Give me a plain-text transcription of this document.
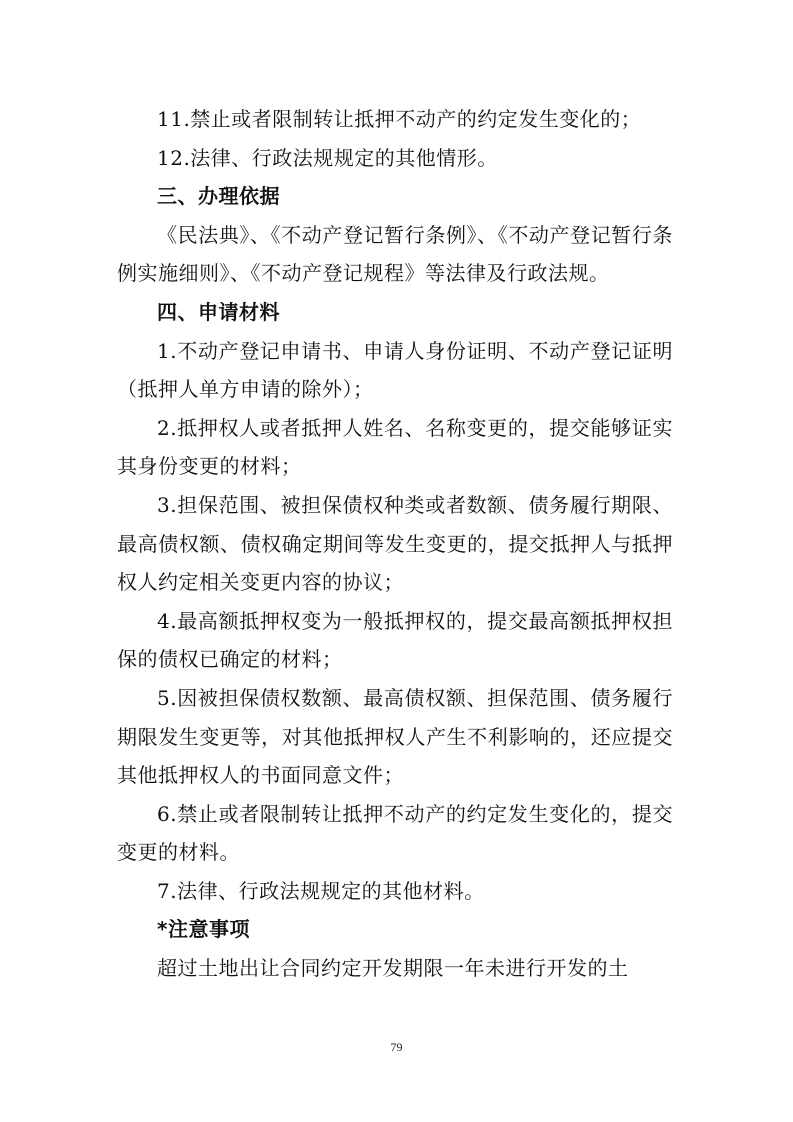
11.禁止或者限制转让抵押不动产的约定发生变化的；

12.法律、行政法规规定的其他情形。

三、办理依据

《民法典》、《不动产登记暂行条例》、《不动产登记暂行条例实施细则》、《不动产登记规程》等法律及行政法规。

四、申请材料

1.不动产登记申请书、申请人身份证明、不动产登记证明（抵押人单方申请的除外）；

2.抵押权人或者抵押人姓名、名称变更的，提交能够证实其身份变更的材料；

3.担保范围、被担保债权种类或者数额、债务履行期限、最高债权额、债权确定期间等发生变更的，提交抵押人与抵押权人约定相关变更内容的协议；

4.最高额抵押权变为一般抵押权的，提交最高额抵押权担保的债权已确定的材料；

5.因被担保债权数额、最高债权额、担保范围、债务履行期限发生变更等，对其他抵押权人产生不利影响的，还应提交其他抵押权人的书面同意文件；

6.禁止或者限制转让抵押不动产的约定发生变化的，提交变更的材料。

7.法律、行政法规规定的其他材料。

*注意事项

超过土地出让合同约定开发期限一年未进行开发的土

79
